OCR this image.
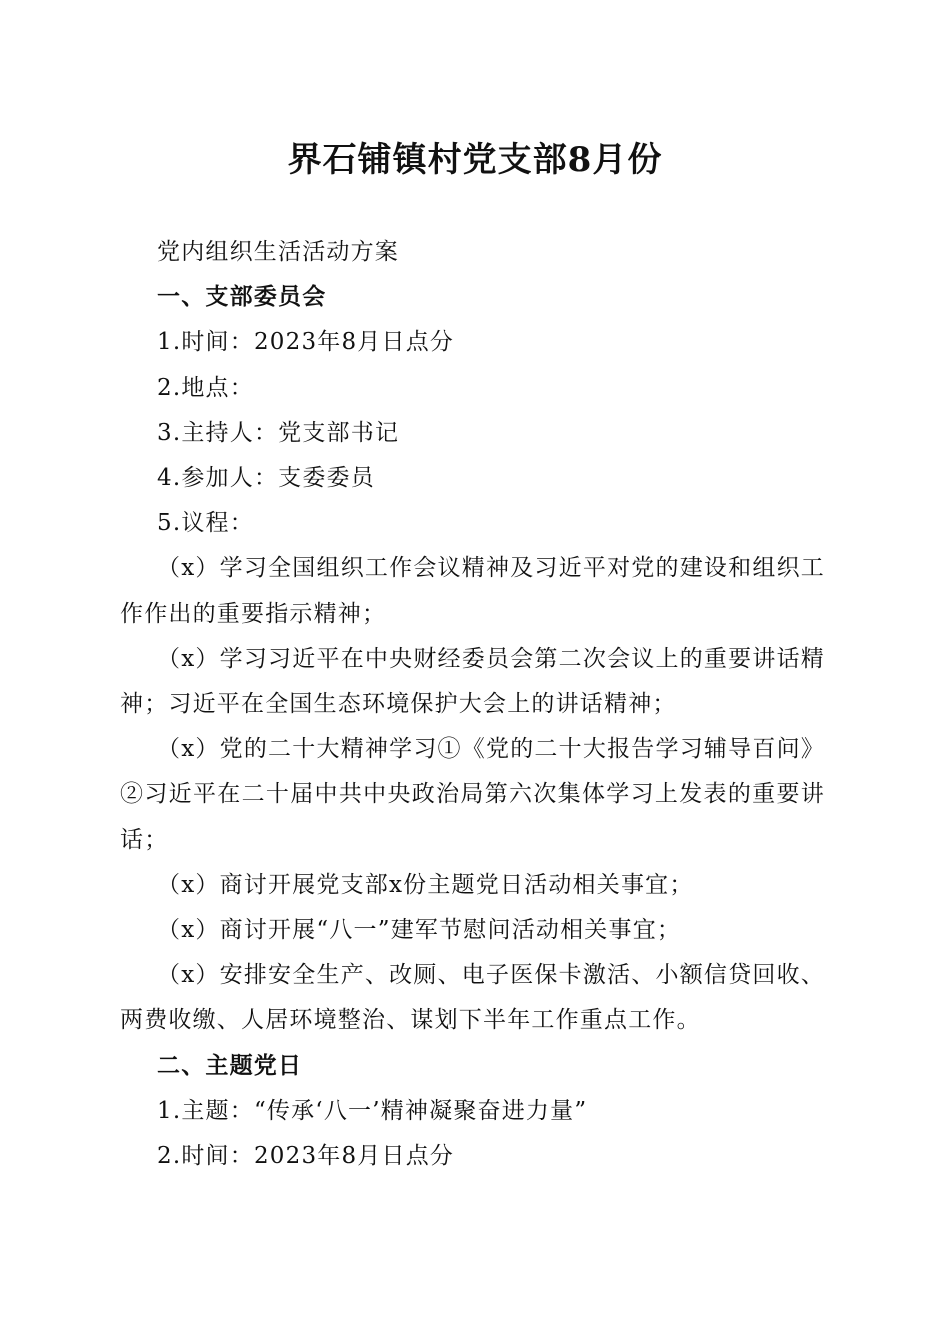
界石铺镇村党支部8月份

党内组织生活活动方案

一、支部委员会

1.时间：2023年8月日点分

2.地点：

3.主持人：党支部书记

4.参加人：支委委员

5.议程：

（x）学习全国组织工作会议精神及习近平对党的建设和组织工作作出的重要指示精神；

（x）学习习近平在中央财经委员会第二次会议上的重要讲话精神；习近平在全国生态环境保护大会上的讲话精神；

（x）党的二十大精神学习①《党的二十大报告学习辅导百问》②习近平在二十届中共中央政治局第六次集体学习上发表的重要讲话；

（x）商讨开展党支部x份主题党日活动相关事宜；

（x）商讨开展“八一”建军节慰问活动相关事宜；

（x）安排安全生产、改厕、电子医保卡激活、小额信贷回收、两费收缴、人居环境整治、谋划下半年工作重点工作。

二、主题党日

1.主题：“传承‘八一’精神凝聚奋进力量”

2.时间：2023年8月日点分
